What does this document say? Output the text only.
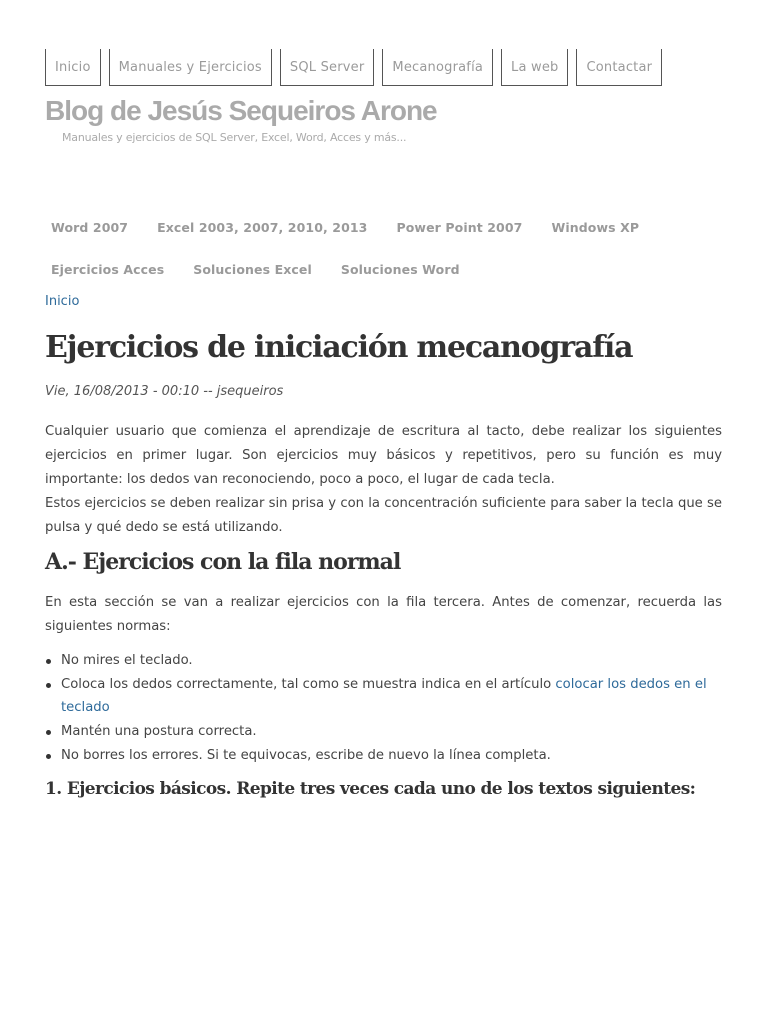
Inicio	Manuales y Ejercicios	SQL Server	Mecanografía	La web	Contactar
Blog de Jesús Sequeiros Arone
Manuales y ejercicios de SQL Server, Excel, Word, Acces y más...
Word 2007 Excel 2003, 2007, 2010, 2013 Power Point 2007 Windows XP
Ejercicios Acces Soluciones Excel Soluciones Word
Inicio
Ejercicios de iniciación mecanografía
Vie, 16/08/2013 - 00:10 -- jsequeiros

Cualquier usuario que comienza el aprendizaje de escritura al tacto, debe realizar los siguientes ejercicios en primer lugar. Son ejercicios muy básicos y repetitivos, pero su función es muy importante: los dedos van reconociendo, poco a poco, el lugar de cada tecla.

Estos ejercicios se deben realizar sin prisa y con la concentración suficiente para saber la tecla que se pulsa y qué dedo se está utilizando.

A.- Ejercicios con la fila normal

En esta sección se van a realizar ejercicios con la fila tercera. Antes de comenzar, recuerda las siguientes normas:

No mires el teclado.
Coloca los dedos correctamente, tal como se muestra indica en el artículo colocar los dedos en el teclado
Mantén una postura correcta.
No borres los errores. Si te equivocas, escribe de nuevo la línea completa.
1. Ejercicios básicos. Repite tres veces cada uno de los textos siguientes:
